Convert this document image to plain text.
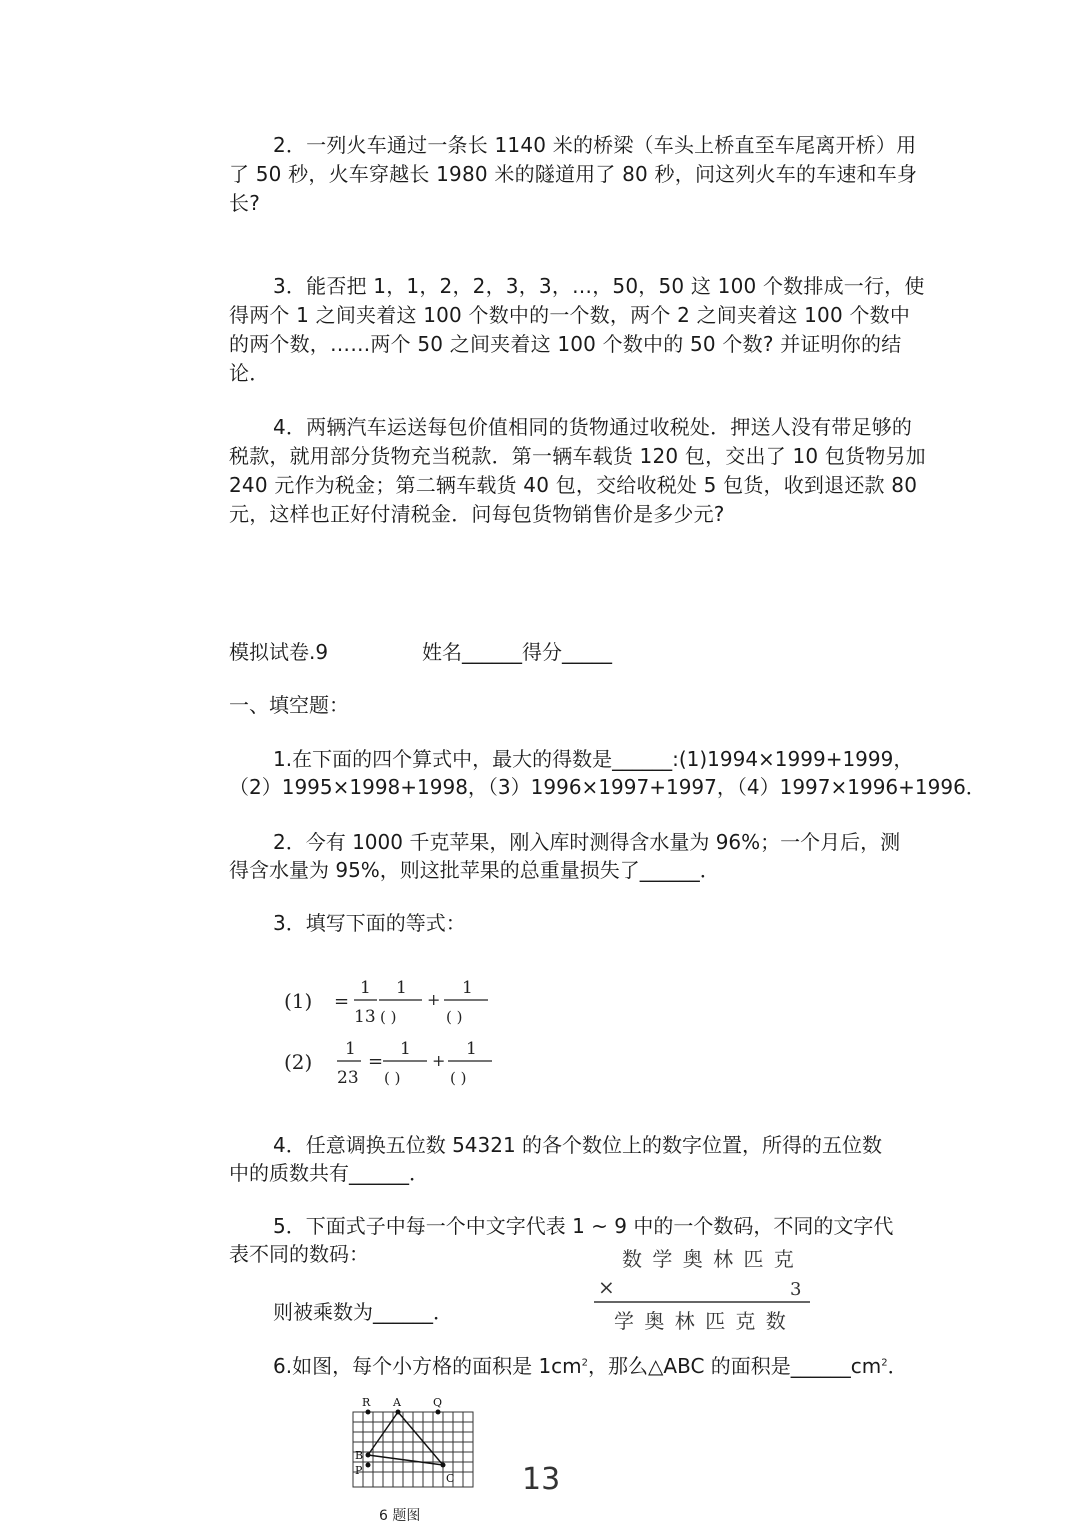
2．一列火车通过一条长 1140 米的桥梁（车头上桥直至车尾离开桥）用了 50 秒，火车穿越长 1980 米的隧道用了 80 秒，问这列火车的车速和车身长?

3．能否把 1，1，2，2，3，3，…，50，50 这 100 个数排成一行，使得两个 1 之间夹着这 100 个数中的一个数，两个 2 之间夹着这 100 个数中的两个数，……两个 50 之间夹着这 100 个数中的 50 个数? 并证明你的结论．

4．两辆汽车运送每包价值相同的货物通过收税处．押送人没有带足够的税款，就用部分货物充当税款．第一辆车载货 120 包，交出了 10 包货物另加 240 元作为税金；第二辆车载货 40 包，交给收税处 5 包货，收到退还款 80 元，这样也正好付清税金．问每包货物销售价是多少元?

模拟试卷.9	姓名______得分_____
一、填空题：
1.在下面的四个算式中，最大的得数是______:(1)1994×1999+1999，
（2）1995×1998+1998，（3）1996×1997+1997，（4）1997×1996+1996．
2．今有 1000 千克苹果，刚入库时测得含水量为 96%；一个月后，测
得含水量为 95%，则这批苹果的总重量损失了______．
3．填写下面的等式：
(1) =
1
13
1
( )
+
1
( )
(2)
1
23
=
1
( )
+
1
( )
4．任意调换五位数 54321 的各个数位上的数字位置，所得的五位数
中的质数共有______．
5．下面式子中每一个中文字代表 1 ~ 9 中的一个数码，不同的文字代
表不同的数码：
则被乘数为______．
数 学 奥 林 匹 克
×	3
学 奥 林 匹 克 数
6.如图，每个小方格的面积是 $1cm^2$，那么△ABC 的面积是$\_\_\_\_\_\_cm^2$．
R A	Q
B
P
C 13
6 题图
